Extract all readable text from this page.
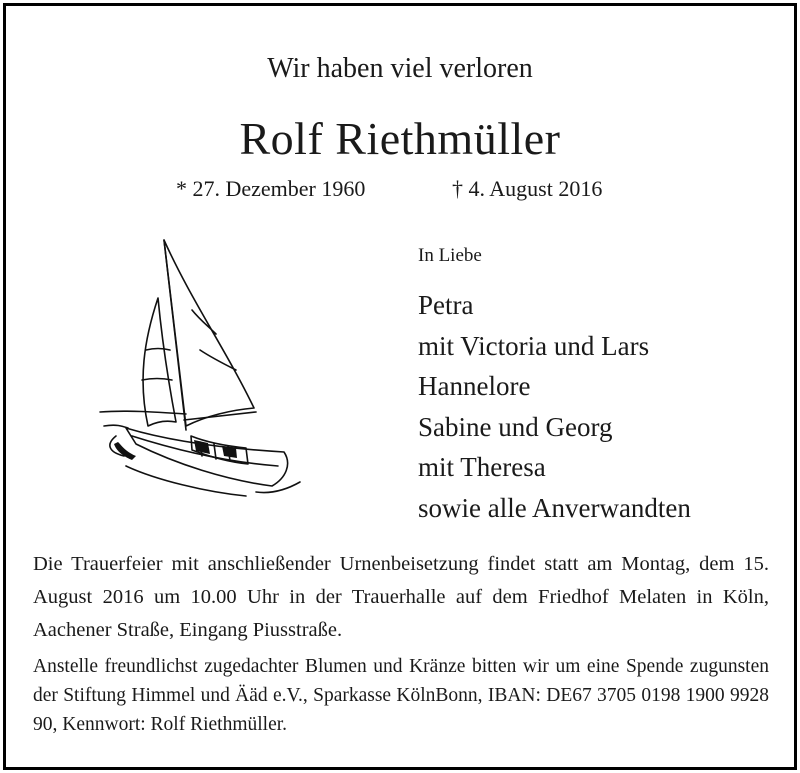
Wir haben viel verloren
Rolf Riethmüller
* 27. Dezember 1960	† 4. August 2016
In Liebe
Petra
mit Victoria und Lars
Hannelore
Sabine und Georg
mit Theresa
sowie alle Anverwandten

Die Trauerfeier mit anschließender Urnenbeisetzung findet statt am Montag, dem 15. August 2016 um 10.00 Uhr in der Trauerhalle auf dem Friedhof Melaten in Köln, Aachener Straße, Eingang Piusstraße.

Anstelle freundlichst zugedachter Blumen und Kränze bitten wir um eine Spende zugunsten der Stiftung Himmel und Ääd e.V., Sparkasse KölnBonn, IBAN: DE67 3705 0198 1900 9928 90, Kennwort: Rolf Riethmüller.
